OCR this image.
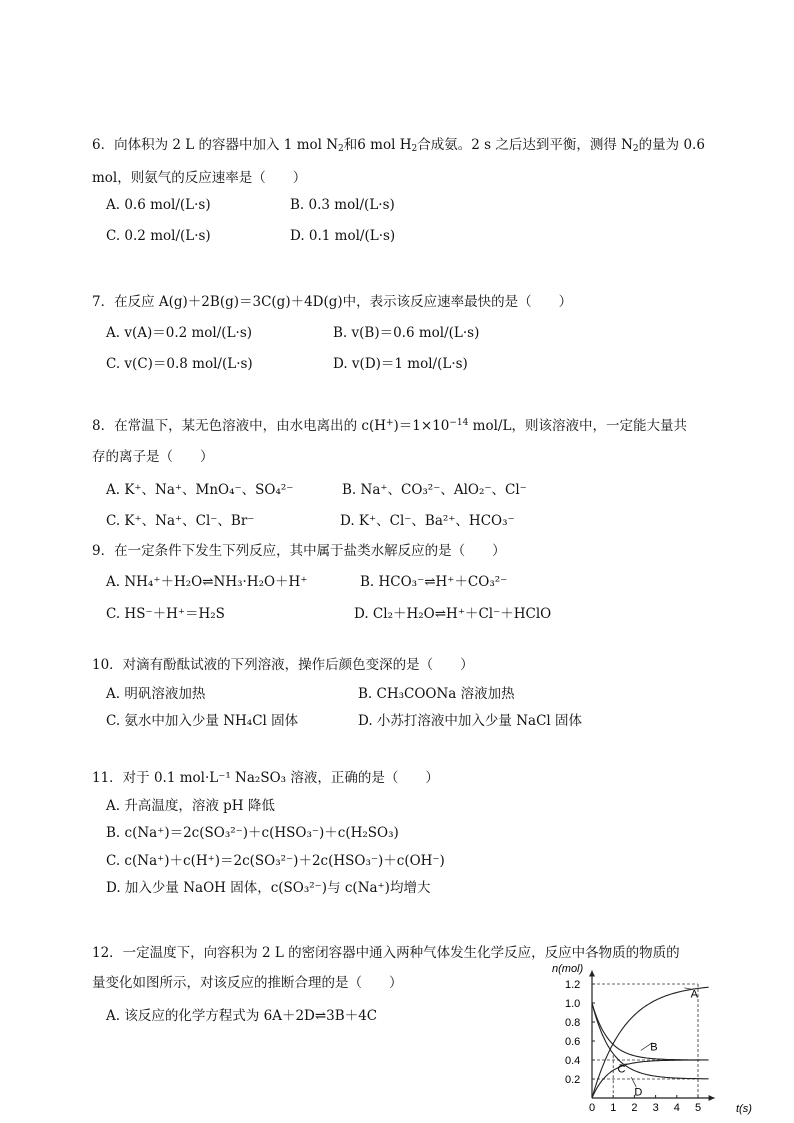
6．向体积为 2 L 的容器中加入 1 mol $N_2$和6 mol $H_2$合成氨。2 s 之后达到平衡，测得 $N_2$的量为 0.6
mol，则氨气的反应速率是（　　）
A. 0.6 mol/(L·s)	B. 0.3 mol/(L·s)
C. 0.2 mol/(L·s)	D. 0.1 mol/(L·s)
7．在反应 A(g)＋2B(g)＝3C(g)＋4D(g)中，表示该反应速率最快的是（　　）
A. v(A)＝0.2 mol/(L·s)	B. v(B)＝0.6 mol/(L·s)
C. v(C)＝0.8 mol/(L·s)	D. v(D)＝1 mol/(L·s)
8．在常温下，某无色溶液中，由水电离出的 $c(H^+)=1\times 10^{-14}$ mol/L，则该溶液中，一定能大量共
存的离子是（　　）
A. K⁺、Na⁺、MnO₄⁻、SO₄²⁻	B. Na⁺、CO₃²⁻、AlO₂⁻、Cl⁻
C. K⁺、Na⁺、Cl⁻、Br⁻	D. K⁺、Cl⁻、Ba²⁺、HCO₃⁻
9．在一定条件下发生下列反应，其中属于盐类水解反应的是（　　）
A. NH₄⁺＋H₂O⇌NH₃·H₂O＋H⁺	B. HCO₃⁻⇌H⁺＋CO₃²⁻
C. HS⁻＋H⁺＝H₂S	D. Cl₂＋H₂O⇌H⁺＋Cl⁻＋HClO
10．对滴有酚酞试液的下列溶液，操作后颜色变深的是（　　）
A. 明矾溶液加热	B. CH₃COONa 溶液加热
C. 氨水中加入少量 NH₄Cl 固体	D. 小苏打溶液中加入少量 NaCl 固体
11．对于 0.1 mol·L⁻¹ Na₂SO₃ 溶液，正确的是（　　）
A. 升高温度，溶液 pH 降低
B. c(Na⁺)＝2c(SO₃²⁻)＋c(HSO₃⁻)＋c(H₂SO₃)
C. c(Na⁺)＋c(H⁺)＝2c(SO₃²⁻)＋2c(HSO₃⁻)＋c(OH⁻)
D. 加入少量 NaOH 固体，c(SO₃²⁻)与 c(Na⁺)均增大
12．一定温度下，向容积为 2 L 的密闭容器中通入两种气体发生化学反应，反应中各物质的物质的
量变化如图所示，对该反应的推断合理的是（　　）
A. 该反应的化学方程式为 6A＋2D⇌3B＋4C
A
B
C
D
0 1 2 3 4 5
0.2
0.4
0.6
0.8
1.0
1.2
n(mol)
t(s)
